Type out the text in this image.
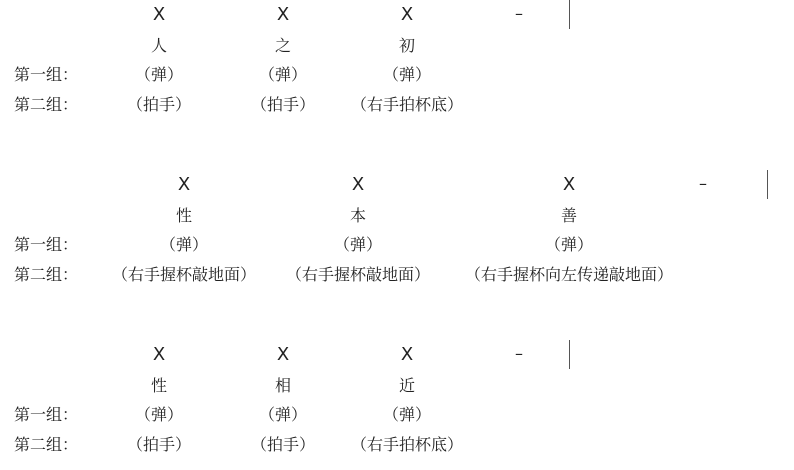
X	X	X	–
人	之	初
第一组：	（弹）	（弹）	（弹）
第二组：	（拍手）	（拍手） （右手拍杯底）
X	X	X	–
性	本	善
第一组：	（弹）	（弹）	（弹）
第二组： （右手握杯敲地面） （右手握杯敲地面） （右手握杯向左传递敲地面）
X	X	X	–
性	相	近
第一组：	（弹）	（弹）	（弹）
第二组：	（拍手）	（拍手） （右手拍杯底）
